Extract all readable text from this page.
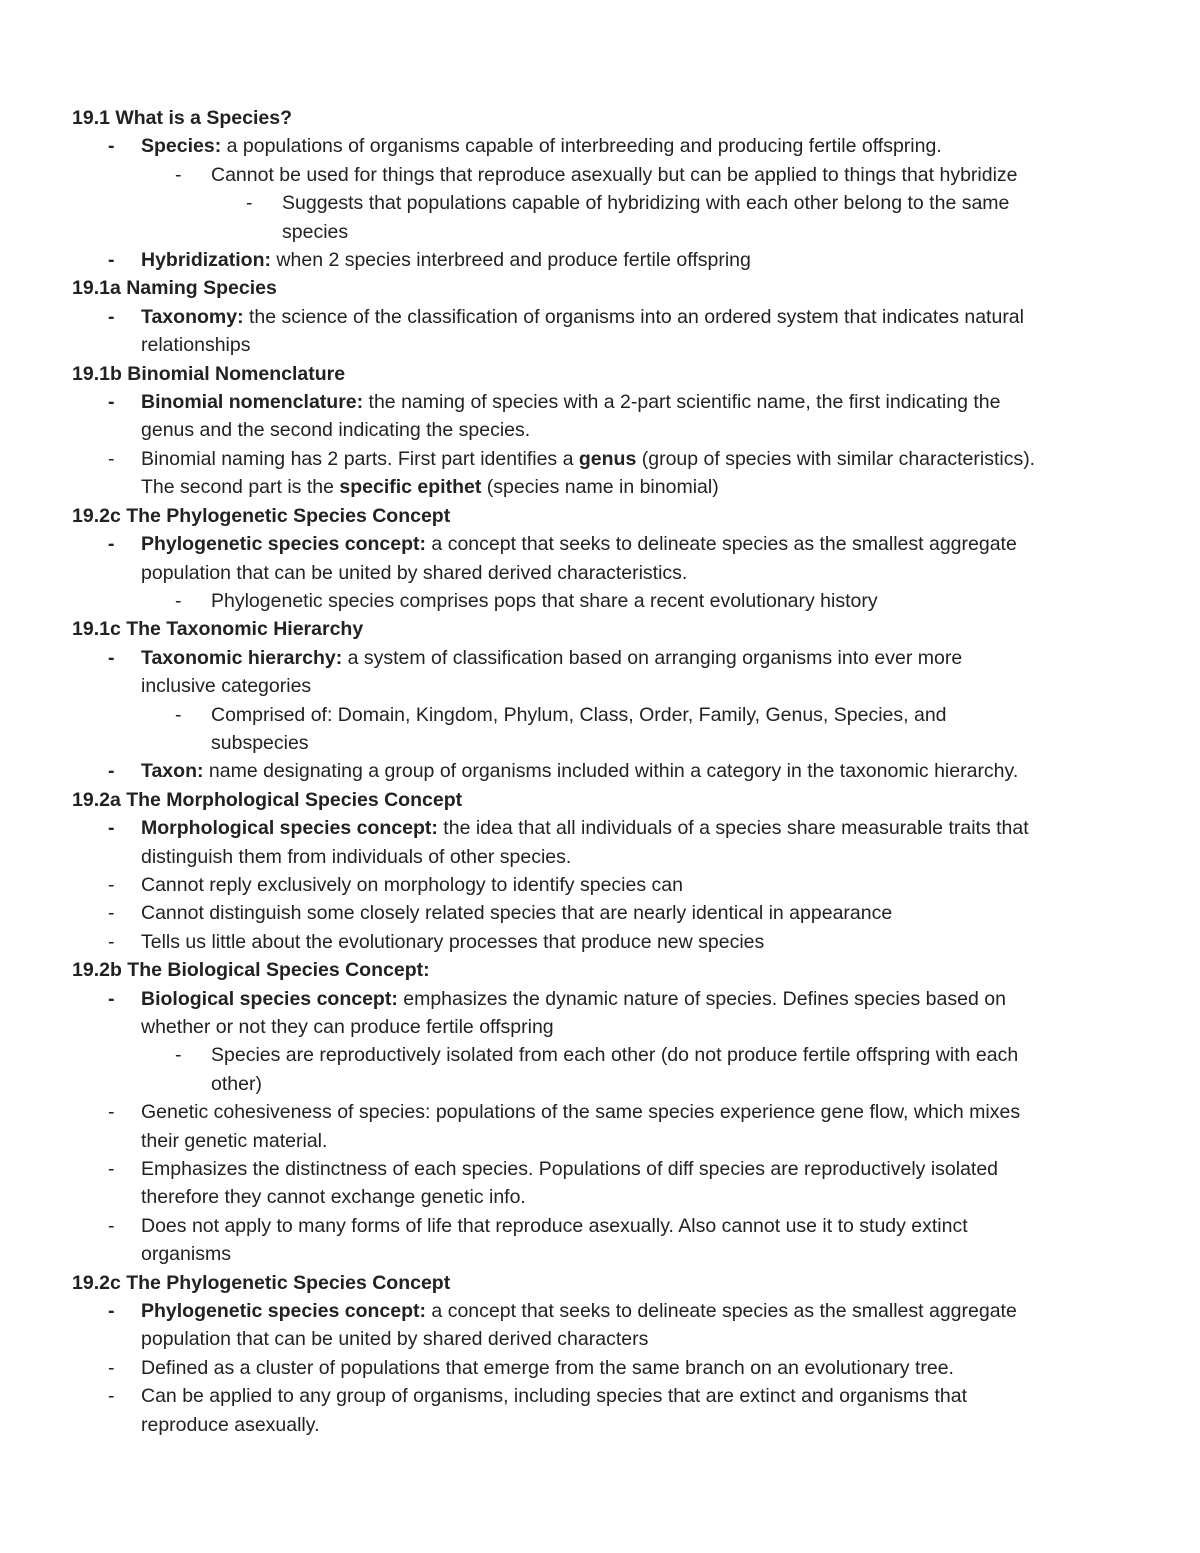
19.1 What is a Species?
- Species: a populations of organisms capable of interbreeding and producing fertile offspring.
- Cannot be used for things that reproduce asexually but can be applied to things that hybridize
- Suggests that populations capable of hybridizing with each other belong to the same
species
- Hybridization: when 2 species interbreed and produce fertile offspring
19.1a Naming Species
- Taxonomy: the science of the classification of organisms into an ordered system that indicates natural
relationships
19.1b Binomial Nomenclature
- Binomial nomenclature: the naming of species with a 2-part scientific name, the first indicating the
genus and the second indicating the species.
- Binomial naming has 2 parts. First part identifies a genus (group of species with similar characteristics).
The second part is the specific epithet (species name in binomial)
19.2c The Phylogenetic Species Concept
- Phylogenetic species concept: a concept that seeks to delineate species as the smallest aggregate
population that can be united by shared derived characteristics.
- Phylogenetic species comprises pops that share a recent evolutionary history
19.1c The Taxonomic Hierarchy
- Taxonomic hierarchy: a system of classification based on arranging organisms into ever more
inclusive categories
- Comprised of: Domain, Kingdom, Phylum, Class, Order, Family, Genus, Species, and
subspecies
- Taxon: name designating a group of organisms included within a category in the taxonomic hierarchy.
19.2a The Morphological Species Concept
- Morphological species concept: the idea that all individuals of a species share measurable traits that
distinguish them from individuals of other species.
- Cannot reply exclusively on morphology to identify species can
- Cannot distinguish some closely related species that are nearly identical in appearance
- Tells us little about the evolutionary processes that produce new species
19.2b The Biological Species Concept:
- Biological species concept: emphasizes the dynamic nature of species. Defines species based on
whether or not they can produce fertile offspring
- Species are reproductively isolated from each other (do not produce fertile offspring with each
other)
- Genetic cohesiveness of species: populations of the same species experience gene flow, which mixes
their genetic material.
- Emphasizes the distinctness of each species. Populations of diff species are reproductively isolated
therefore they cannot exchange genetic info.
- Does not apply to many forms of life that reproduce asexually. Also cannot use it to study extinct
organisms
19.2c The Phylogenetic Species Concept
- Phylogenetic species concept: a concept that seeks to delineate species as the smallest aggregate
population that can be united by shared derived characters
- Defined as a cluster of populations that emerge from the same branch on an evolutionary tree.
- Can be applied to any group of organisms, including species that are extinct and organisms that
reproduce asexually.
